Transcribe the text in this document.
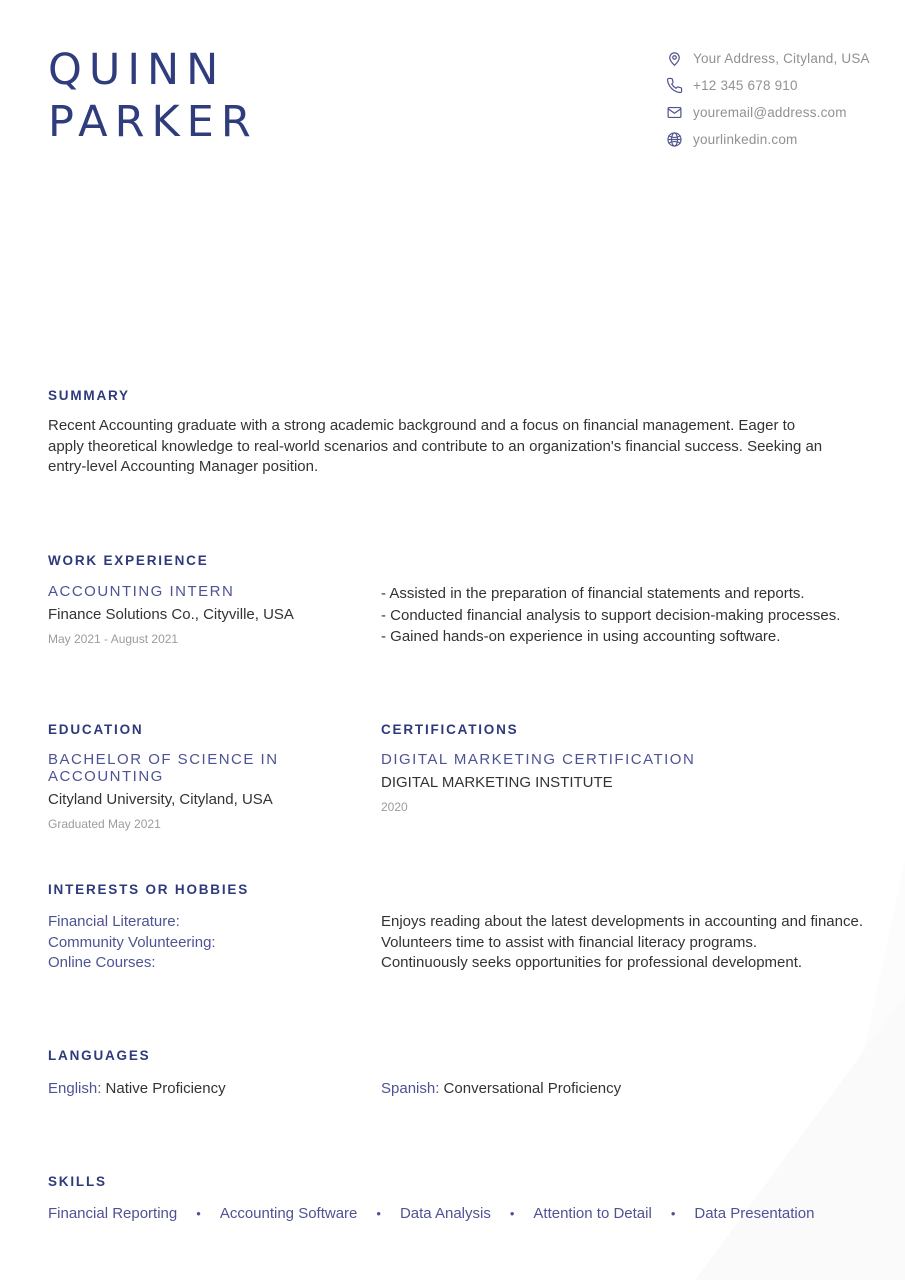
QUINN
PARKER
Your Address, Cityland, USA
+12 345 678 910
youremail@address.com
yourlinkedin.com
SUMMARY

Recent Accounting graduate with a strong academic background and a focus on financial management. Eager to apply theoretical knowledge to real-world scenarios and contribute to an organization's financial success. Seeking an entry-level Accounting Manager position.

WORK EXPERIENCE
ACCOUNTING INTERN
Finance Solutions Co., Cityville, USA
May 2021 - August 2021
- Assisted in the preparation of financial statements and reports.
- Conducted financial analysis to support decision-making processes.
- Gained hands-on experience in using accounting software.
EDUCATION
BACHELOR OF SCIENCE IN ACCOUNTING
Cityland University, Cityland, USA
Graduated May 2021
CERTIFICATIONS
DIGITAL MARKETING CERTIFICATION
DIGITAL MARKETING INSTITUTE
2020
INTERESTS OR HOBBIES
Financial Literature:	Enjoys reading about the latest developments in accounting and finance.
Community Volunteering:	Volunteers time to assist with financial literacy programs.
Online Courses:	Continuously seeks opportunities for professional development.
LANGUAGES
English: Native Proficiency	Spanish: Conversational Proficiency
SKILLS
Financial Reporting • Accounting Software • Data Analysis • Attention to Detail • Data Presentation
